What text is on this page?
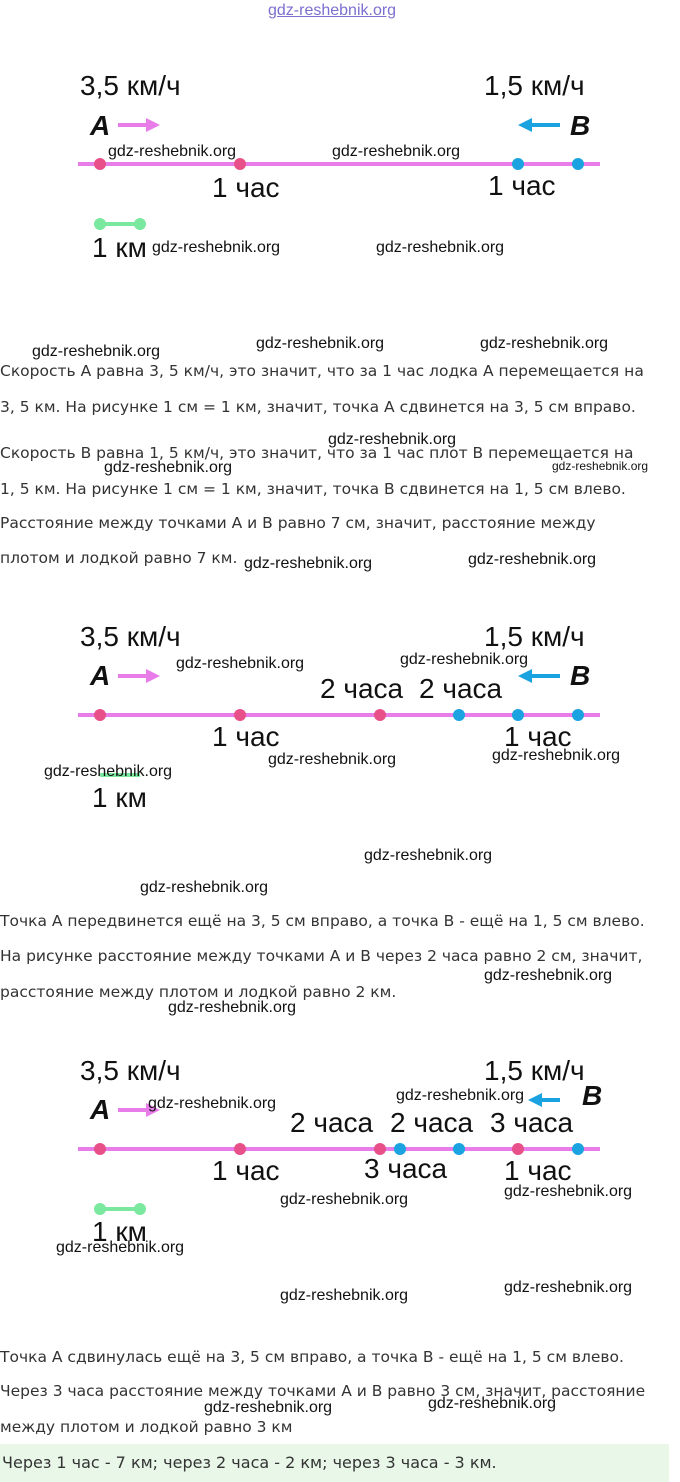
gdz-reshebnik.org
3,5 км/ч	1,5 км/ч
A	B
1 час	1 час
1 км
gdz-reshebnik.org	gdz-reshebnik.org
gdz-reshebnik.org	gdz-reshebnik.org
gdz-reshebnik.org	gdz-reshebnik.org
gdz-reshebnik.org
Скорость A равна 3, 5 км/ч, это значит, что за 1 час лодка A перемещается на
3, 5 км. На рисунке 1 см = 1 км, значит, точка A сдвинется на 3, 5 см вправо.
gdz-reshebnik.org
Скорость B равна 1, 5 км/ч, это значит, что за 1 час плот B перемещается на
gdz-reshebnik.org	gdz-reshebnik.org
1, 5 км. На рисунке 1 см = 1 км, значит, точка B сдвинется на 1, 5 см влево.
Расстояние между точками A и B равно 7 см, значит, расстояние между
плотом и лодкой равно 7 км. gdz-reshebnik.org	gdz-reshebnik.org
3,5 км/ч	1,5 км/ч
A	B
2 часа 2 часа
1 час	1 час
1 км
gdz-reshebnik.org	gdz-reshebnik.org
gdz-reshebnik.org	gdz-reshebnik.org
gdz-reshebnik.org
gdz-reshebnik.org
gdz-reshebnik.org
Точка A передвинется ещё на 3, 5 см вправо, а точка B - ещё на 1, 5 см влево.
На рисунке расстояние между точками A и B через 2 часа равно 2 см, значит,
gdz-reshebnik.org
расстояние между плотом и лодкой равно 2 км.
gdz-reshebnik.org
3,5 км/ч	1,5 км/ч
A	B
2 часа 2 часа 3 часа
3 часа
1 час	1 час
1 км
gdz-reshebnik.org	gdz-reshebnik.org
gdz-reshebnik.org	gdz-reshebnik.org
gdz-reshebnik.org
gdz-reshebnik.org	gdz-reshebnik.org
Точка A сдвинулась ещё на 3, 5 см вправо, а точка B - ещё на 1, 5 см влево.
Через 3 часа расстояние между точками A и B равно 3 см, значит, расстояние
между плотом и лодкой равно 3 км
gdz-reshebnik.org	gdz-reshebnik.org
Через 1 час - 7 км; через 2 часа - 2 км; через 3 часа - 3 км.
